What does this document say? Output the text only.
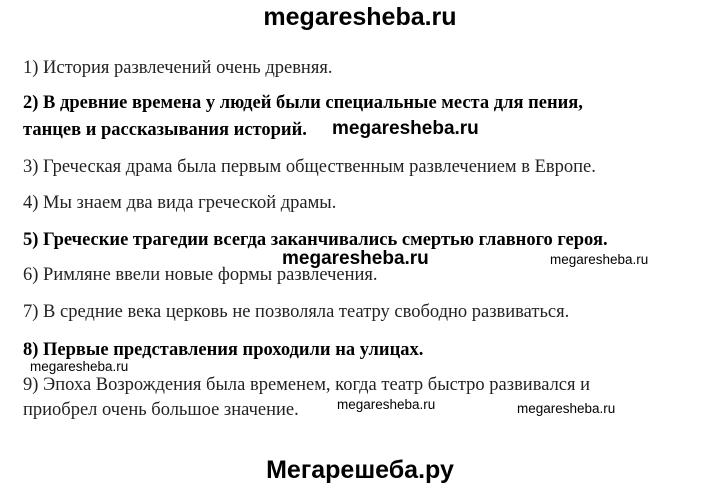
megaresheba.ru
1) История развлечений очень древняя.
2) В древние времена у людей были специальные места для пения,
танцев и рассказывания историй.
3) Греческая драма была первым общественным развлечением в Европе.
4) Мы знаем два вида греческой драмы.
5) Греческие трагедии всегда заканчивались смертью главного героя.
6) Римляне ввели новые формы развлечения.
7) В средние века церковь не позволяла театру свободно развиваться.
8) Первые представления проходили на улицах.
9) Эпоха Возрождения была временем, когда театр быстро развивался и
приобрел очень большое значение.
megaresheba.ru
megaresheba.ru	megaresheba.ru
megaresheba.ru
megaresheba.ru	megaresheba.ru
Мегарешеба.ру
